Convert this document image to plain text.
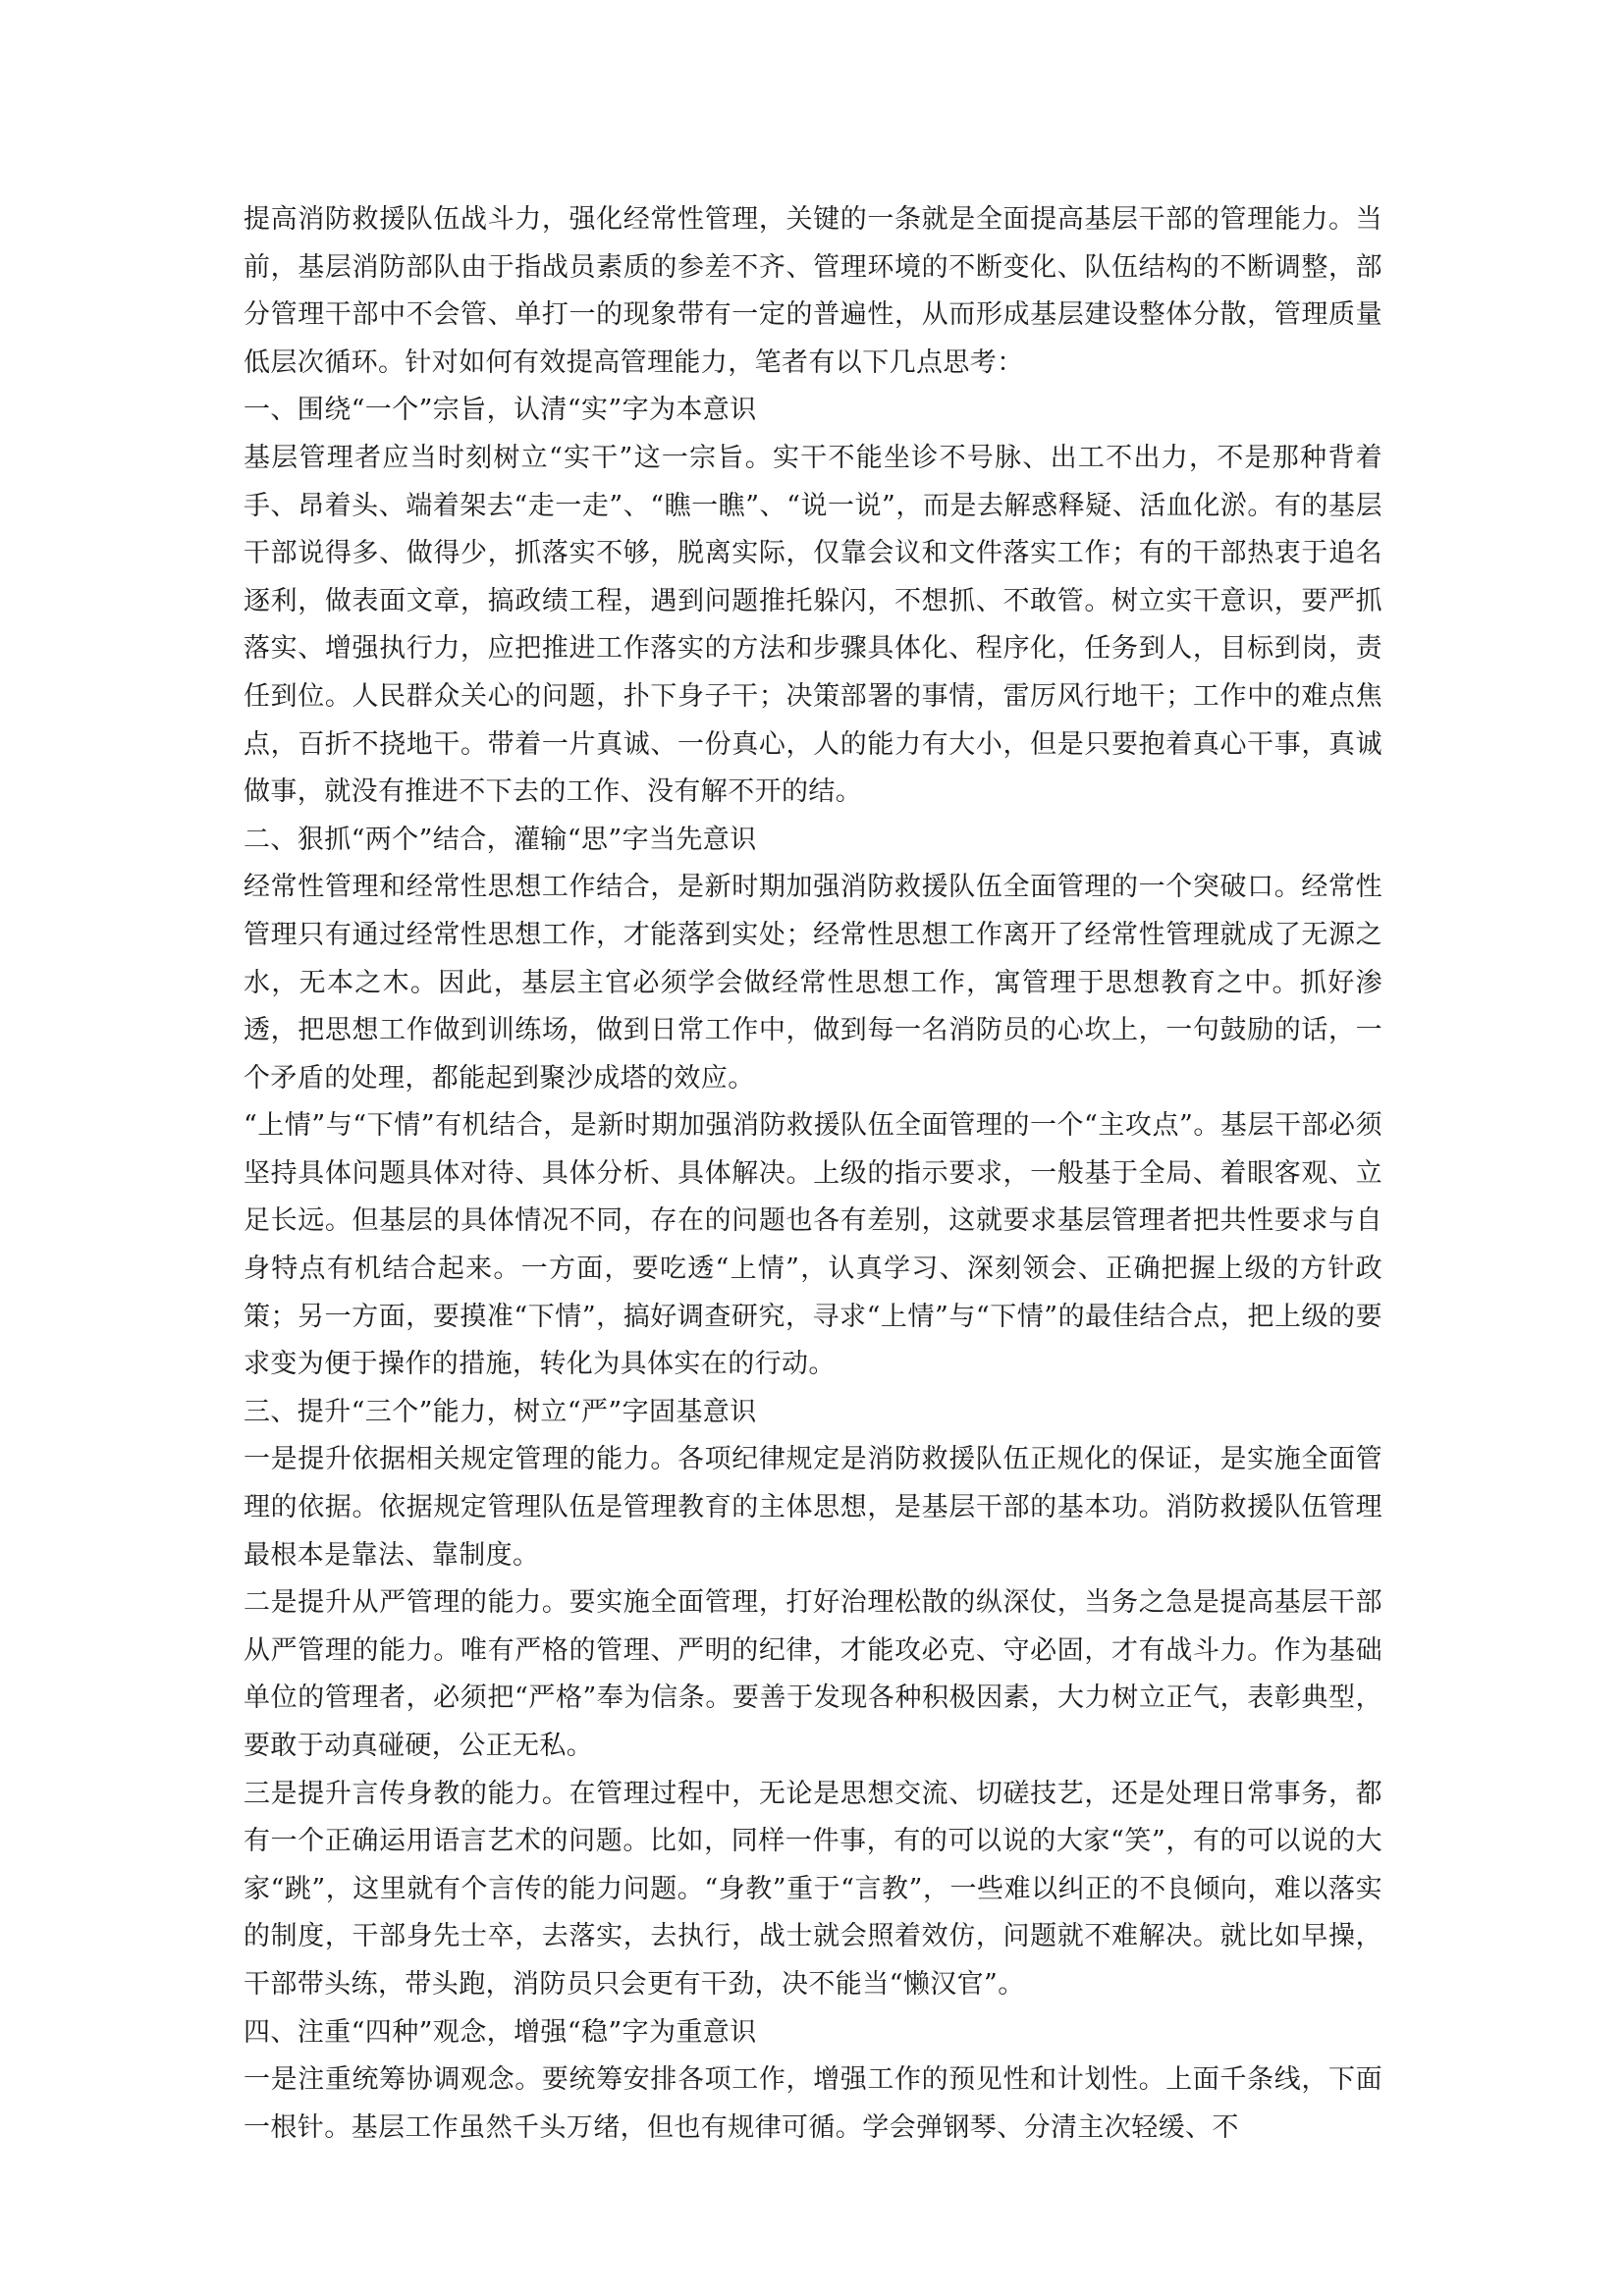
提高消防救援队伍战斗力，强化经常性管理，关键的一条就是全面提高基层干部的管理能力。当前，基层消防部队由于指战员素质的参差不齐、管理环境的不断变化、队伍结构的不断调整，部分管理干部中不会管、单打一的现象带有一定的普遍性，从而形成基层建设整体分散，管理质量低层次循环。针对如何有效提高管理能力，笔者有以下几点思考：

一、围绕“一个”宗旨，认清“实”字为本意识

基层管理者应当时刻树立“实干”这一宗旨。实干不能坐诊不号脉、出工不出力，不是那种背着手、昂着头、端着架去“走一走”、“瞧一瞧”、“说一说”，而是去解惑释疑、活血化淤。有的基层干部说得多、做得少，抓落实不够，脱离实际，仅靠会议和文件落实工作；有的干部热衷于追名逐利，做表面文章，搞政绩工程，遇到问题推托躲闪，不想抓、不敢管。树立实干意识，要严抓落实、增强执行力，应把推进工作落实的方法和步骤具体化、程序化，任务到人，目标到岗，责任到位。人民群众关心的问题，扑下身子干；决策部署的事情，雷厉风行地干；工作中的难点焦点，百折不挠地干。带着一片真诚、一份真心，人的能力有大小，但是只要抱着真心干事，真诚做事，就没有推进不下去的工作、没有解不开的结。

二、狠抓“两个”结合，灌输“思”字当先意识

经常性管理和经常性思想工作结合，是新时期加强消防救援队伍全面管理的一个突破口。经常性管理只有通过经常性思想工作，才能落到实处；经常性思想工作离开了经常性管理就成了无源之水，无本之木。因此，基层主官必须学会做经常性思想工作，寓管理于思想教育之中。抓好渗透，把思想工作做到训练场，做到日常工作中，做到每一名消防员的心坎上，一句鼓励的话，一个矛盾的处理，都能起到聚沙成塔的效应。

“上情”与“下情”有机结合，是新时期加强消防救援队伍全面管理的一个“主攻点”。基层干部必须坚持具体问题具体对待、具体分析、具体解决。上级的指示要求，一般基于全局、着眼客观、立足长远。但基层的具体情况不同，存在的问题也各有差别，这就要求基层管理者把共性要求与自身特点有机结合起来。一方面，要吃透“上情”，认真学习、深刻领会、正确把握上级的方针政策；另一方面，要摸准“下情”，搞好调查研究，寻求“上情”与“下情”的最佳结合点，把上级的要求变为便于操作的措施，转化为具体实在的行动。

三、提升“三个”能力，树立“严”字固基意识

一是提升依据相关规定管理的能力。各项纪律规定是消防救援队伍正规化的保证，是实施全面管理的依据。依据规定管理队伍是管理教育的主体思想，是基层干部的基本功。消防救援队伍管理最根本是靠法、靠制度。

二是提升从严管理的能力。要实施全面管理，打好治理松散的纵深仗，当务之急是提高基层干部从严管理的能力。唯有严格的管理、严明的纪律，才能攻必克、守必固，才有战斗力。作为基础单位的管理者，必须把“严格”奉为信条。要善于发现各种积极因素，大力树立正气，表彰典型，要敢于动真碰硬，公正无私。

三是提升言传身教的能力。在管理过程中，无论是思想交流、切磋技艺，还是处理日常事务，都有一个正确运用语言艺术的问题。比如，同样一件事，有的可以说的大家“笑”，有的可以说的大家“跳”，这里就有个言传的能力问题。“身教”重于“言教”，一些难以纠正的不良倾向，难以落实的制度，干部身先士卒，去落实，去执行，战士就会照着效仿，问题就不难解决。就比如早操，干部带头练，带头跑，消防员只会更有干劲，决不能当“懒汉官”。

四、注重“四种”观念，增强“稳”字为重意识

一是注重统筹协调观念。要统筹安排各项工作，增强工作的预见性和计划性。上面千条线，下面一根针。基层工作虽然千头万绪，但也有规律可循。学会弹钢琴、分清主次轻缓、不
